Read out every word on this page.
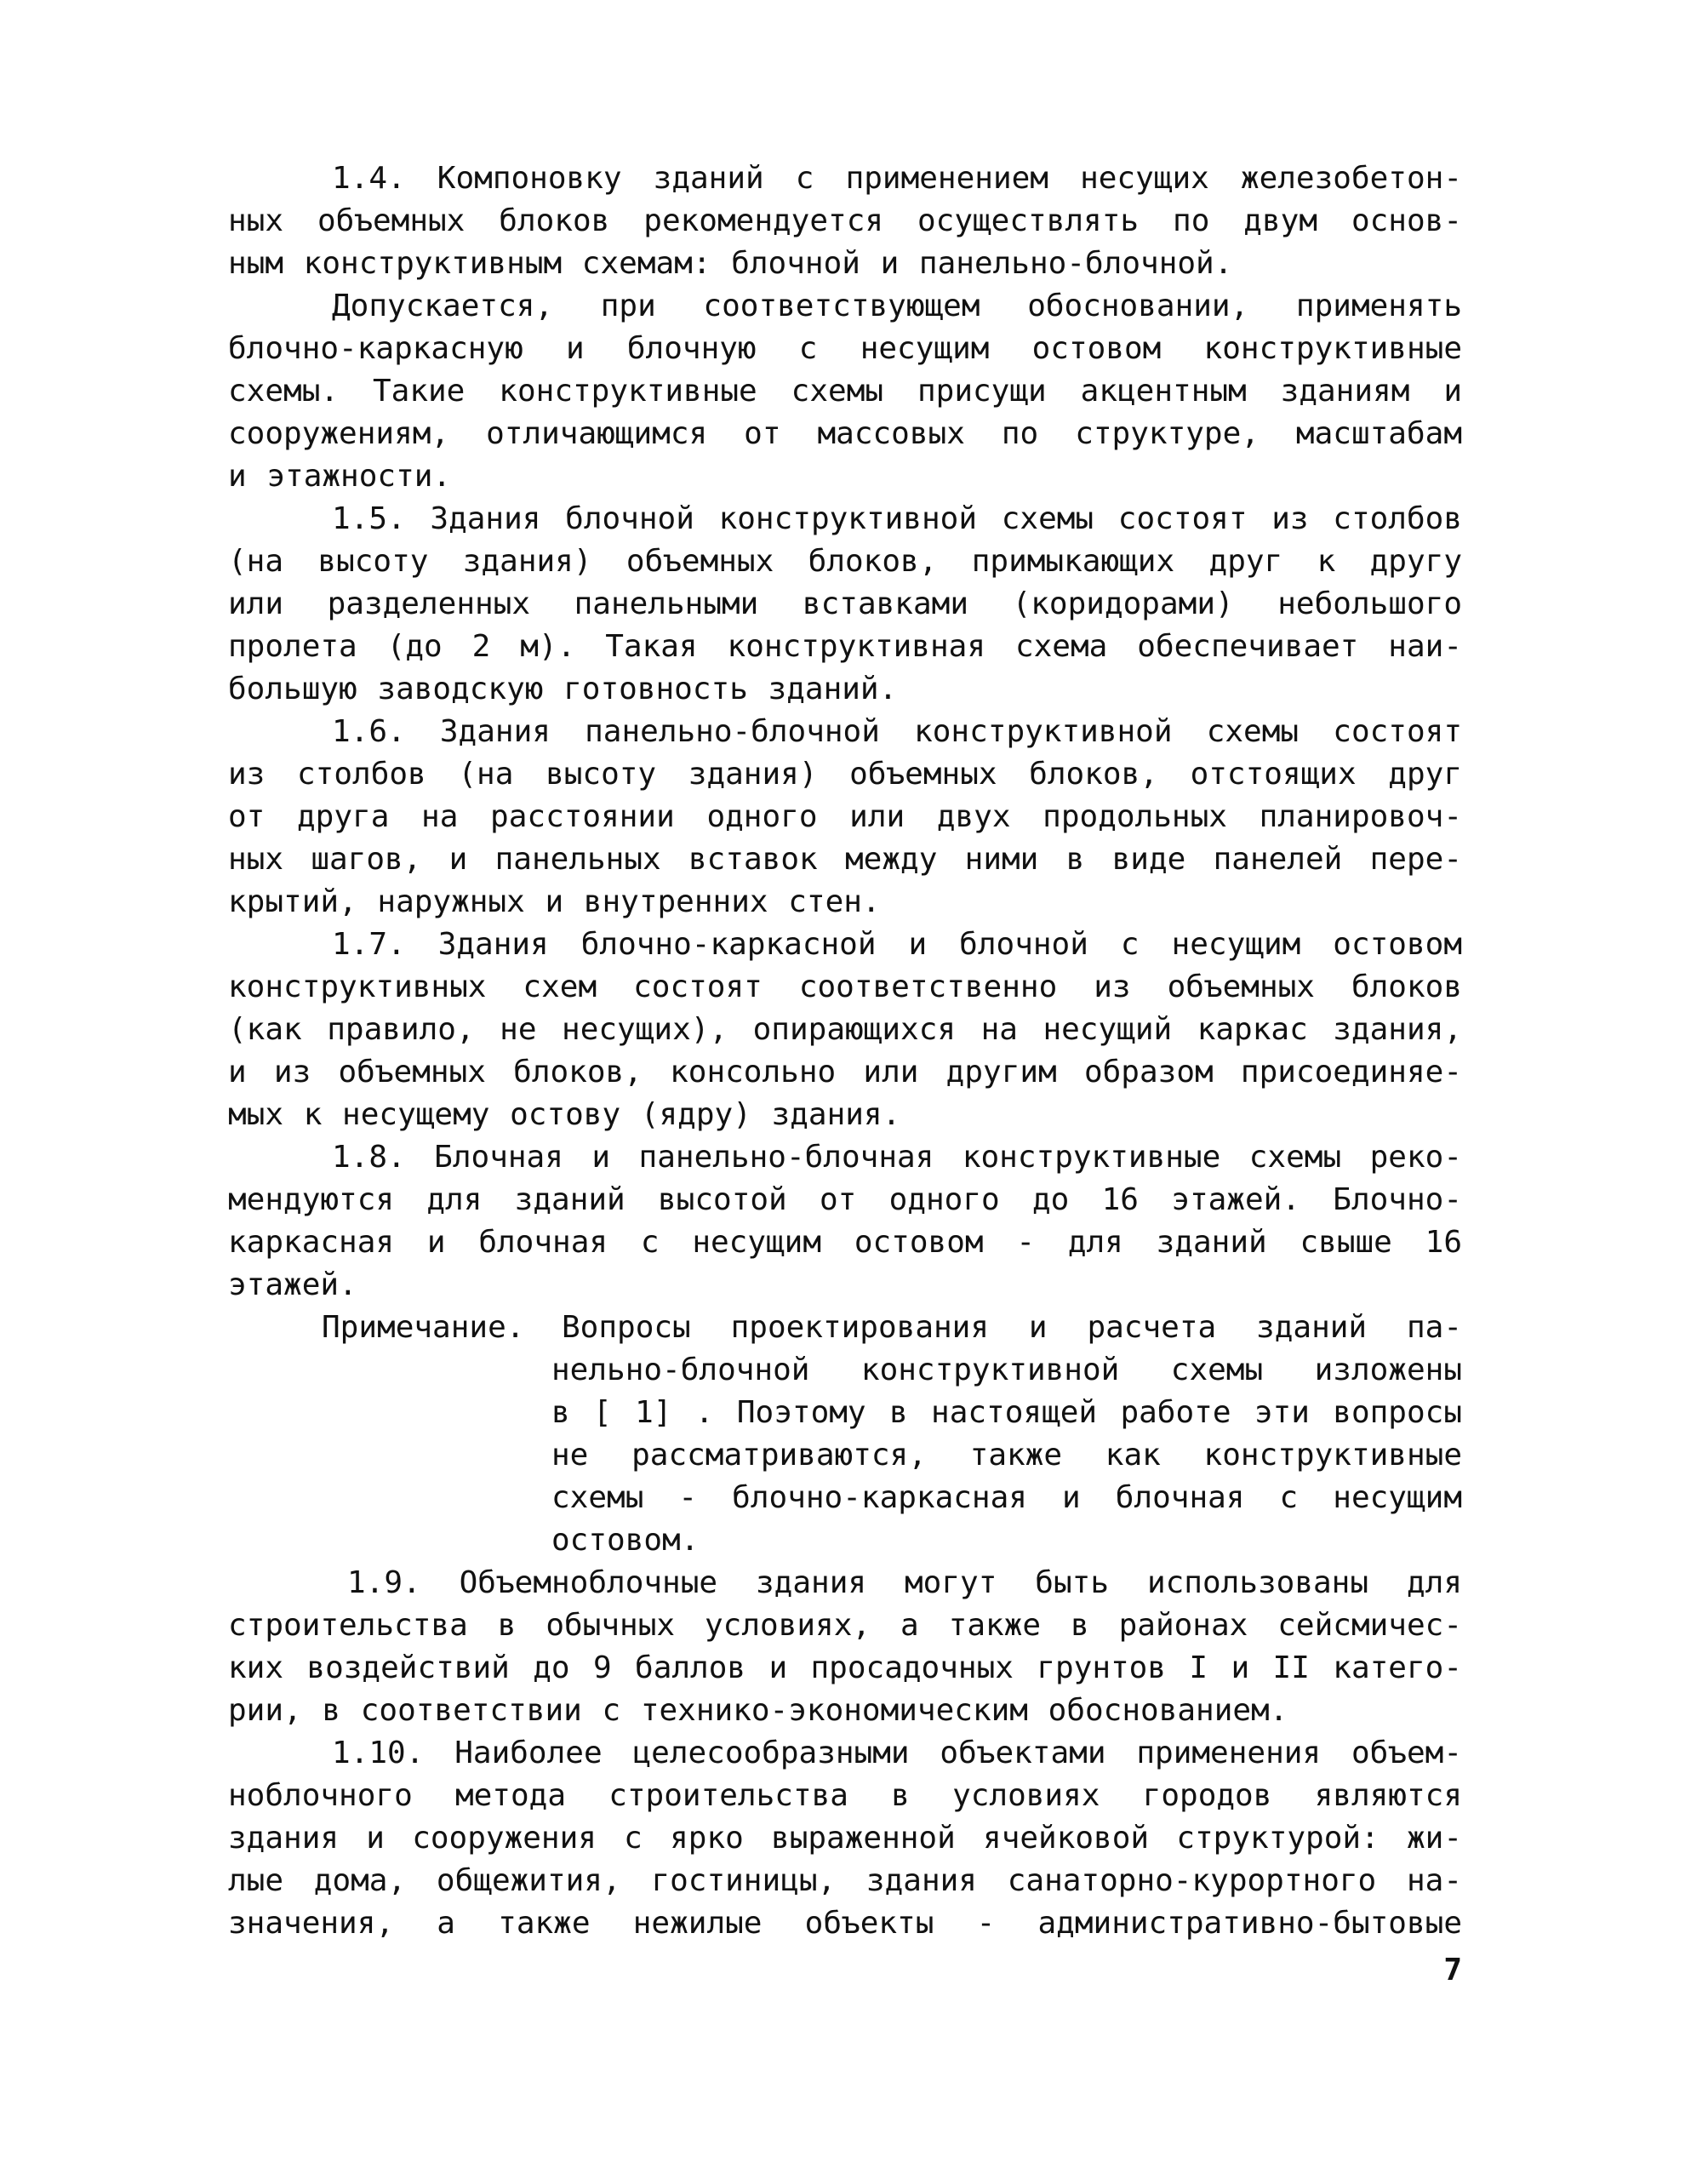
1.4. Компоновку зданий с применением несущих железобетон-
ных объемных блоков рекомендуется осуществлять по двум основ-
ным конструктивным схемам: блочной и панельно-блочной.
Допускается, при соответствующем обосновании, применять
блочно-каркасную и блочную с несущим остовом конструктивные
схемы. Такие конструктивные схемы присущи акцентным зданиям и
сооружениям, отличающимся от массовых по структуре, масштабам
и этажности.
1.5. Здания блочной конструктивной схемы состоят из столбов
(на высоту здания) объемных блоков, примыкающих друг к другу
или разделенных панельными вставками (коридорами) небольшого
пролета (до 2 м). Такая конструктивная схема обеспечивает наи-
большую заводскую готовность зданий.
1.6. Здания панельно-блочной конструктивной схемы состоят
из столбов (на высоту здания) объемных блоков, отстоящих друг
от друга на расстоянии одного или двух продольных планировоч-
ных шагов, и панельных вставок между ними в виде панелей пере-
крытий, наружных и внутренних стен.
1.7. Здания блочно-каркасной и блочной с несущим остовом
конструктивных схем состоят соответственно из объемных блоков
(как правило, не несущих), опирающихся на несущий каркас здания,
и из объемных блоков, консольно или другим образом присоединяе-
мых к несущему остову (ядру) здания.
1.8. Блочная и панельно-блочная конструктивные схемы реко-
мендуются для зданий высотой от одного до 16 этажей. Блочно-
каркасная и блочная с несущим остовом - для зданий свыше 16
этажей.
Примечание. Вопросы проектирования и расчета зданий па-
нельно-блочной конструктивной схемы изложены
в [ 1] . Поэтому в настоящей работе эти вопросы
не рассматриваются, также как конструктивные
схемы - блочно-каркасная и блочная с несущим
остовом.
1.9. Объемноблочные здания могут быть использованы для
строительства в обычных условиях, а также в районах сейсмичес-
ких воздействий до 9 баллов и просадочных грунтов I и II катего-
рии, в соответствии с технико-экономическим обоснованием.
1.10. Наиболее целесообразными объектами применения объем-
ноблочного метода строительства в условиях городов являются
здания и сооружения с ярко выраженной ячейковой структурой: жи-
лые дома, общежития, гостиницы, здания санаторно-курортного на-
значения, а также нежилые объекты - административно-бытовые
7
